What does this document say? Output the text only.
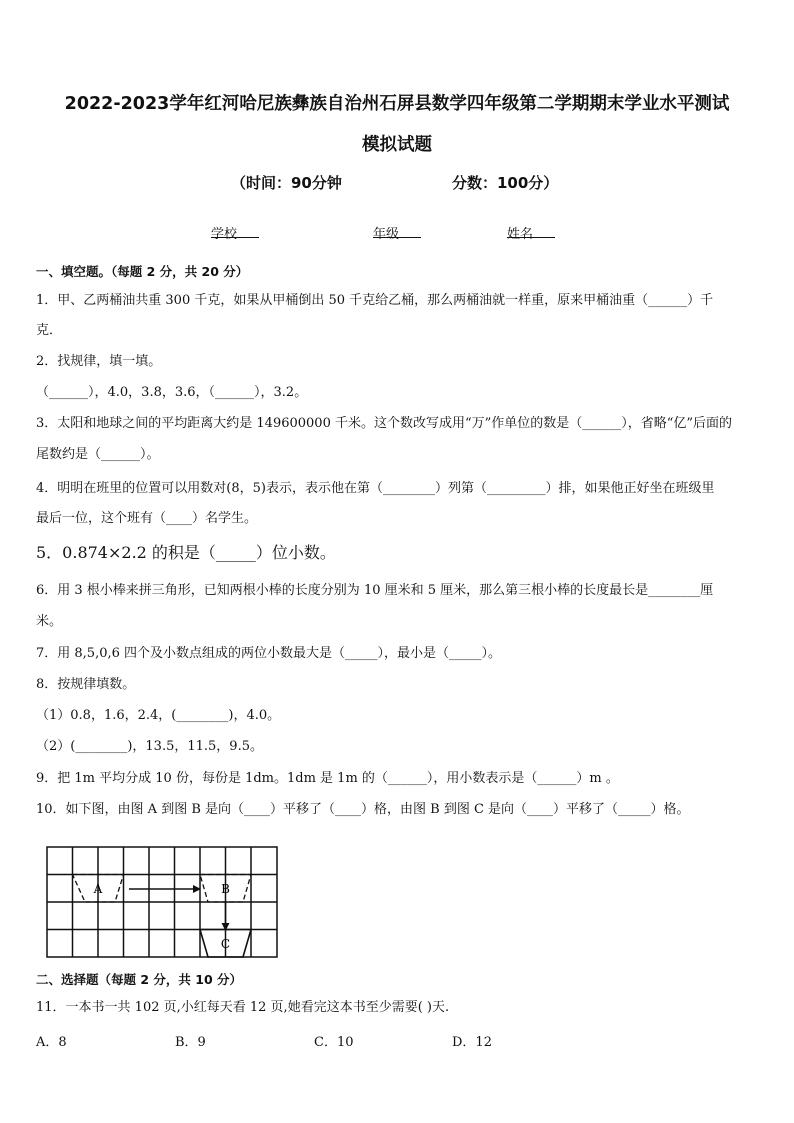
2022-2023学年红河哈尼族彝族自治州石屏县数学四年级第二学期期末学业水平测试
模拟试题
（时间：90分钟	分数：100分）
学校	年级	姓名
一、填空题。（每题 2 分，共 20 分）
1．甲、乙两桶油共重 300 千克，如果从甲桶倒出 50 千克给乙桶，那么两桶油就一样重，原来甲桶油重（______）千
克．
2．找规律，填一填。
（______），4.0，3.8，3.6，（______），3.2。
3．太阳和地球之间的平均距离大约是 149600000 千米。这个数改写成用“万”作单位的数是（______），省略“亿”后面的
尾数约是（______）。
4．明明在班里的位置可以用数对(8，5)表示，表示他在第（________）列第（_________）排，如果他正好坐在班级里
最后一位，这个班有（____）名学生。
5．0.874×2.2 的积是（_____）位小数。
6．用 3 根小棒来拼三角形，已知两根小棒的长度分别为 10 厘米和 5 厘米，那么第三根小棒的长度最长是________厘
米。
7．用 8,5,0,6 四个及小数点组成的两位小数最大是（_____），最小是（_____）。
8．按规律填数。
（1）0.8，1.6，2.4，(________)，4.0。
（2）(________)，13.5，11.5，9.5。
9．把 1m 平均分成 10 份，每份是 1dm。1dm 是 1m 的（______），用小数表示是（______）m 。
10．如下图，由图 A 到图 B 是向（____）平移了（____）格，由图 B 到图 C 是向（____）平移了（_____）格。
A	B
C
二、选择题（每题 2 分，共 10 分）
11．一本书一共 102 页,小红每天看 12 页,她看完这本书至少需要( )天.
A．8	B．9	C．10	D．12
